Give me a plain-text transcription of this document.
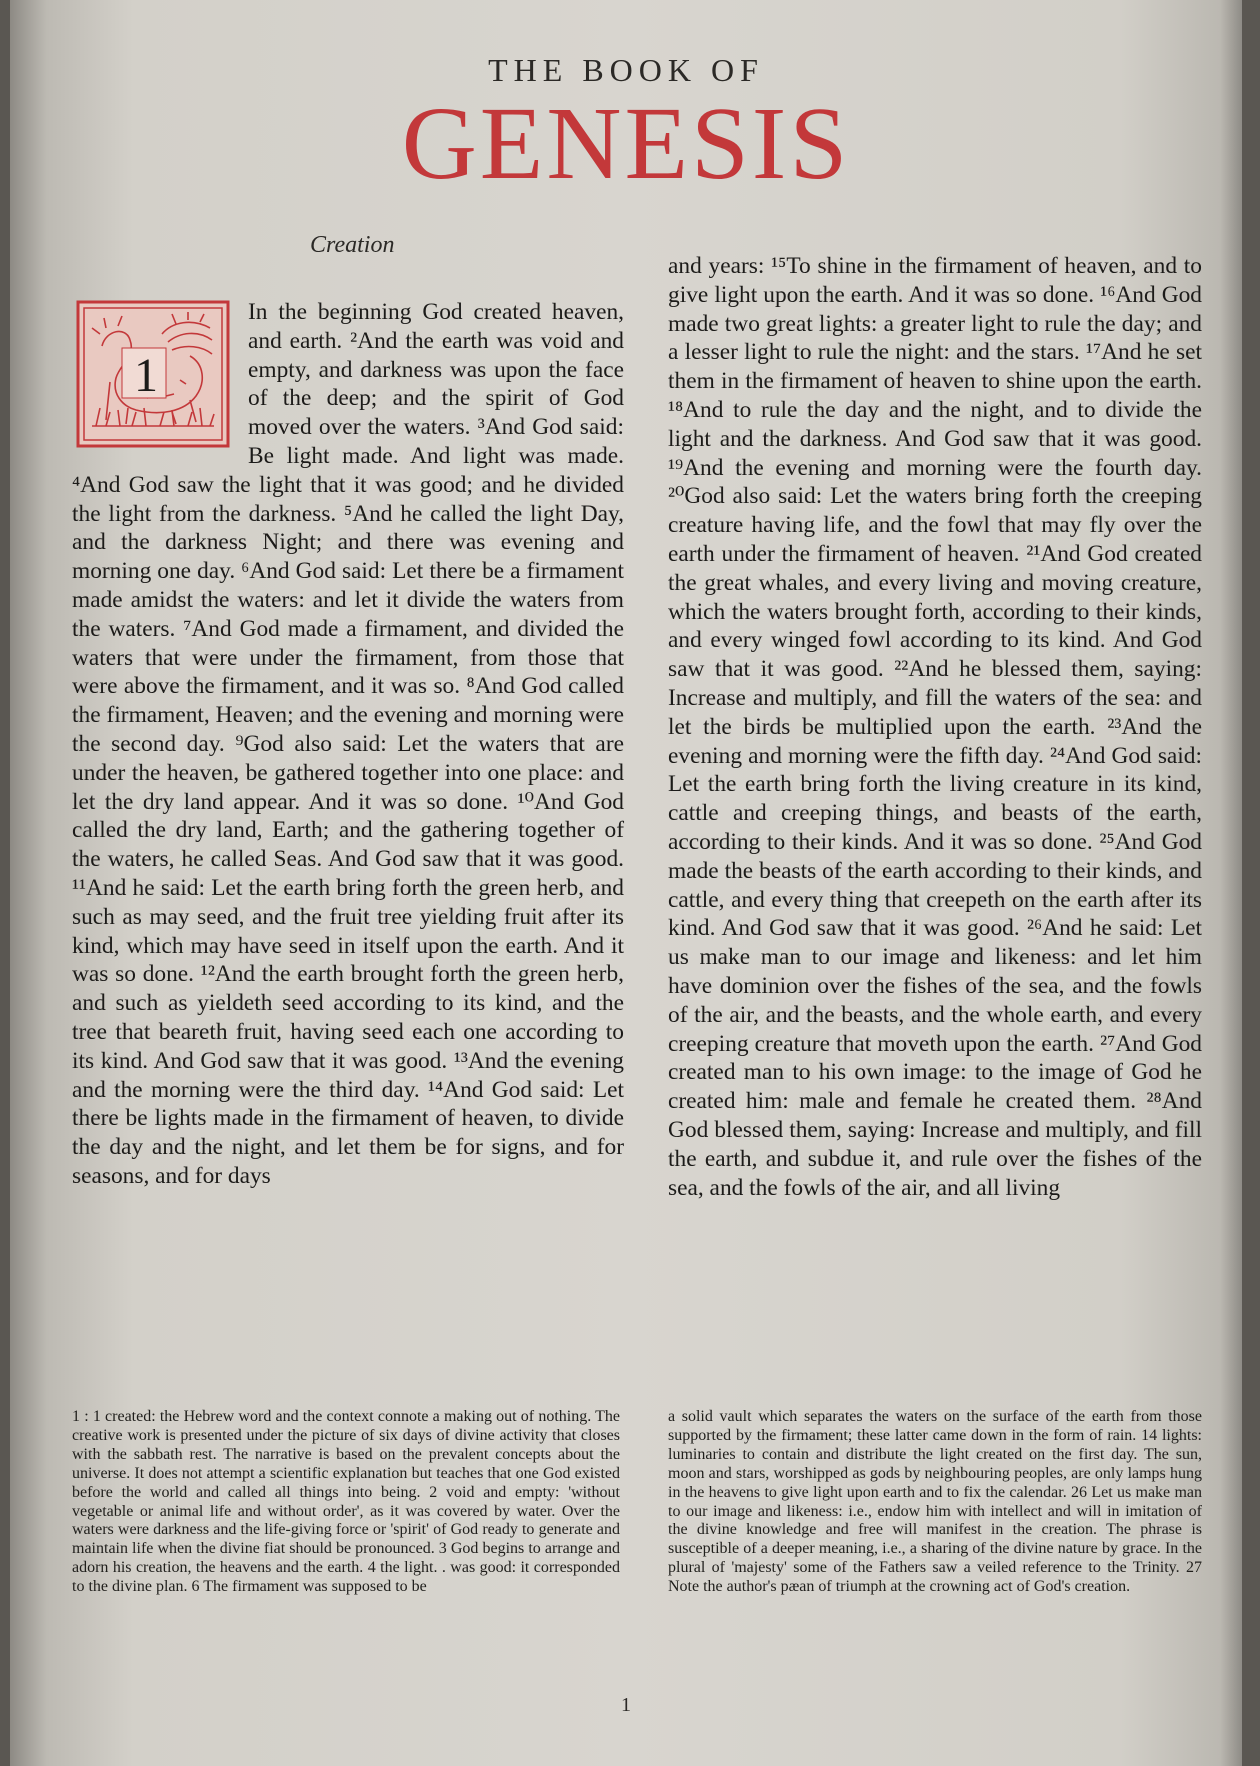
THE BOOK OF
GENESIS
Creation
1

In the beginning God created heaven, and earth. ²And the earth was void and empty, and darkness was upon the face of the deep; and the spirit of God moved over the waters. ³And God said: Be light made. And light was made. ⁴And God saw the light that it was good; and he divided the light from the darkness. ⁵And he called the light Day, and the darkness Night; and there was evening and morning one day. ⁶And God said: Let there be a firmament made amidst the waters: and let it divide the waters from the waters. ⁷And God made a firmament, and divided the waters that were under the firmament, from those that were above the firmament, and it was so. ⁸And God called the firmament, Heaven; and the evening and morning were the second day. ⁹God also said: Let the waters that are under the heaven, be gathered together into one place: and let the dry land appear. And it was so done. ¹⁰And God called the dry land, Earth; and the gathering together of the waters, he called Seas. And God saw that it was good. ¹¹And he said: Let the earth bring forth the green herb, and such as may seed, and the fruit tree yielding fruit after its kind, which may have seed in itself upon the earth. And it was so done. ¹²And the earth brought forth the green herb, and such as yieldeth seed according to its kind, and the tree that beareth fruit, having seed each one according to its kind. And God saw that it was good. ¹³And the evening and the morning were the third day. ¹⁴And God said: Let there be lights made in the firmament of heaven, to divide the day and the night, and let them be for signs, and for seasons, and for days

and years: ¹⁵To shine in the firmament of heaven, and to give light upon the earth. And it was so done. ¹⁶And God made two great lights: a greater light to rule the day; and a lesser light to rule the night: and the stars. ¹⁷And he set them in the firmament of heaven to shine upon the earth. ¹⁸And to rule the day and the night, and to divide the light and the darkness. And God saw that it was good. ¹⁹And the evening and morning were the fourth day. ²⁰God also said: Let the waters bring forth the creeping creature having life, and the fowl that may fly over the earth under the firmament of heaven. ²¹And God created the great whales, and every living and moving creature, which the waters brought forth, according to their kinds, and every winged fowl according to its kind. And God saw that it was good. ²²And he blessed them, saying: Increase and multiply, and fill the waters of the sea: and let the birds be multiplied upon the earth. ²³And the evening and morning were the fifth day. ²⁴And God said: Let the earth bring forth the living creature in its kind, cattle and creeping things, and beasts of the earth, according to their kinds. And it was so done. ²⁵And God made the beasts of the earth according to their kinds, and cattle, and every thing that creepeth on the earth after its kind. And God saw that it was good. ²⁶And he said: Let us make man to our image and likeness: and let him have dominion over the fishes of the sea, and the fowls of the air, and the beasts, and the whole earth, and every creeping creature that moveth upon the earth. ²⁷And God created man to his own image: to the image of God he created him: male and female he created them. ²⁸And God blessed them, saying: Increase and multiply, and fill the earth, and subdue it, and rule over the fishes of the sea, and the fowls of the air, and all living

1 : 1 created: the Hebrew word and the context connote a making out of nothing. The creative work is presented under the picture of six days of divine activity that closes with the sabbath rest. The narrative is based on the prevalent concepts about the universe. It does not attempt a scientific explanation but teaches that one God existed before the world and called all things into being. 2 void and empty: 'without vegetable or animal life and without order', as it was covered by water. Over the waters were darkness and the life-giving force or 'spirit' of God ready to generate and maintain life when the divine fiat should be pronounced. 3 God begins to arrange and adorn his creation, the heavens and the earth. 4 the light. . was good: it corresponded to the divine plan. 6 The firmament was supposed to be

a solid vault which separates the waters on the surface of the earth from those supported by the firmament; these latter came down in the form of rain. 14 lights: luminaries to contain and distribute the light created on the first day. The sun, moon and stars, worshipped as gods by neighbouring peoples, are only lamps hung in the heavens to give light upon earth and to fix the calendar. 26 Let us make man to our image and likeness: i.e., endow him with intellect and will in imitation of the divine knowledge and free will manifest in the creation. The phrase is susceptible of a deeper meaning, i.e., a sharing of the divine nature by grace. In the plural of 'majesty' some of the Fathers saw a veiled reference to the Trinity. 27 Note the author's pæan of triumph at the crowning act of God's creation.

1
